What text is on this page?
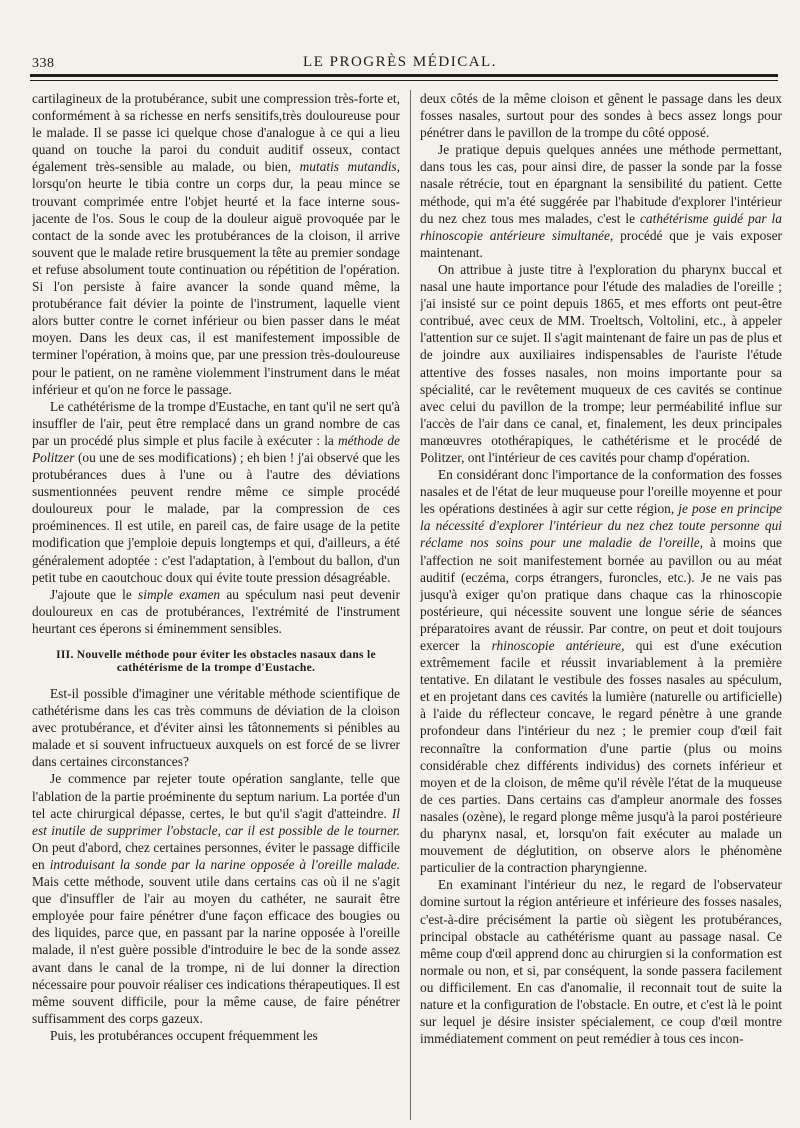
338	LE PROGRÈS MÉDICAL.

cartilagineux de la protubérance, subit une compression très-forte et, conformément à sa richesse en nerfs sensitifs,très douloureuse pour le malade. Il se passe ici quelque chose d'analogue à ce qui a lieu quand on touche la paroi du conduit auditif osseux, contact également très-sensible au malade, ou bien, mutatis mutandis, lorsqu'on heurte le tibia contre un corps dur, la peau mince se trouvant comprimée entre l'objet heurté et la face interne sous-jacente de l'os. Sous le coup de la douleur aiguë provoquée par le contact de la sonde avec les protubérances de la cloison, il arrive souvent que le malade retire brusquement la tête au premier sondage et refuse absolument toute continuation ou répétition de l'opération. Si l'on persiste à faire avancer la sonde quand même, la protubérance fait dévier la pointe de l'instrument, laquelle vient alors butter contre le cornet inférieur ou bien passer dans le méat moyen. Dans les deux cas, il est manifestement impossible de terminer l'opération, à moins que, par une pression très-douloureuse pour le patient, on ne ramène violemment l'instrument dans le méat inférieur et qu'on ne force le passage.

Le cathétérisme de la trompe d'Eustache, en tant qu'il ne sert qu'à insuffler de l'air, peut être remplacé dans un grand nombre de cas par un procédé plus simple et plus facile à exécuter : la méthode de Politzer (ou une de ses modifications) ; eh bien ! j'ai observé que les protubérances dues à l'une ou à l'autre des déviations susmentionnées peuvent rendre même ce simple procédé douloureux pour le malade, par la compression de ces proéminences. Il est utile, en pareil cas, de faire usage de la petite modification que j'emploie depuis longtemps et qui, d'ailleurs, a été généralement adoptée : c'est l'adaptation, à l'embout du ballon, d'un petit tube en caoutchouc doux qui évite toute pression désagréable.

J'ajoute que le simple examen au spéculum nasi peut devenir douloureux en cas de protubérances, l'extrémité de l'instrument heurtant ces éperons si éminemment sensibles.

III. Nouvelle méthode pour éviter les obstacles nasaux dans le cathétérisme de la trompe d'Eustache.

Est-il possible d'imaginer une véritable méthode scientifique de cathétérisme dans les cas très communs de déviation de la cloison avec protubérance, et d'éviter ainsi les tâtonnements si pénibles au malade et si souvent infructueux auxquels on est forcé de se livrer dans certaines circonstances?

Je commence par rejeter toute opération sanglante, telle que l'ablation de la partie proéminente du septum narium. La portée d'un tel acte chirurgical dépasse, certes, le but qu'il s'agit d'atteindre. Il est inutile de supprimer l'obstacle, car il est possible de le tourner. On peut d'abord, chez certaines personnes, éviter le passage difficile en introduisant la sonde par la narine opposée à l'oreille malade. Mais cette méthode, souvent utile dans certains cas où il ne s'agit que d'insuffler de l'air au moyen du cathéter, ne saurait être employée pour faire pénétrer d'une façon efficace des bougies ou des liquides, parce que, en passant par la narine opposée à l'oreille malade, il n'est guère possible d'introduire le bec de la sonde assez avant dans le canal de la trompe, ni de lui donner la direction nécessaire pour pouvoir réaliser ces indications thérapeutiques. Il est même souvent difficile, pour la même cause, de faire pénétrer suffisamment des corps gazeux.

Puis, les protubérances occupent fréquemment les

deux côtés de la même cloison et gênent le passage dans les deux fosses nasales, surtout pour des sondes à becs assez longs pour pénétrer dans le pavillon de la trompe du côté opposé.

Je pratique depuis quelques années une méthode permettant, dans tous les cas, pour ainsi dire, de passer la sonde par la fosse nasale rétrécie, tout en épargnant la sensibilité du patient. Cette méthode, qui m'a été suggérée par l'habitude d'explorer l'intérieur du nez chez tous mes malades, c'est le cathétérisme guidé par la rhinoscopie antérieure simultanée, procédé que je vais exposer maintenant.

On attribue à juste titre à l'exploration du pharynx buccal et nasal une haute importance pour l'étude des maladies de l'oreille ; j'ai insisté sur ce point depuis 1865, et mes efforts ont peut-être contribué, avec ceux de MM. Troeltsch, Voltolini, etc., à appeler l'attention sur ce sujet. Il s'agit maintenant de faire un pas de plus et de joindre aux auxiliaires indispensables de l'auriste l'étude attentive des fosses nasales, non moins importante pour sa spécialité, car le revêtement muqueux de ces cavités se continue avec celui du pavillon de la trompe; leur perméabilité influe sur l'accès de l'air dans ce canal, et, finalement, les deux principales manœuvres otothérapiques, le cathétérisme et le procédé de Politzer, ont l'intérieur de ces cavités pour champ d'opération.

En considérant donc l'importance de la conformation des fosses nasales et de l'état de leur muqueuse pour l'oreille moyenne et pour les opérations destinées à agir sur cette région, je pose en principe la nécessité d'explorer l'intérieur du nez chez toute personne qui réclame nos soins pour une maladie de l'oreille, à moins que l'affection ne soit manifestement bornée au pavillon ou au méat auditif (eczéma, corps étrangers, furoncles, etc.). Je ne vais pas jusqu'à exiger qu'on pratique dans chaque cas la rhinoscopie postérieure, qui nécessite souvent une longue série de séances préparatoires avant de réussir. Par contre, on peut et doit toujours exercer la rhinoscopie antérieure, qui est d'une exécution extrêmement facile et réussit invariablement à la première tentative. En dilatant le vestibule des fosses nasales au spéculum, et en projetant dans ces cavités la lumière (naturelle ou artificielle) à l'aide du réflecteur concave, le regard pénètre à une grande profondeur dans l'intérieur du nez ; le premier coup d'œil fait reconnaître la conformation d'une partie (plus ou moins considérable chez différents individus) des cornets inférieur et moyen et de la cloison, de même qu'il révèle l'état de la muqueuse de ces parties. Dans certains cas d'ampleur anormale des fosses nasales (ozène), le regard plonge même jusqu'à la paroi postérieure du pharynx nasal, et, lorsqu'on fait exécuter au malade un mouvement de déglutition, on observe alors le phénomène particulier de la contraction pharyngienne.

En examinant l'intérieur du nez, le regard de l'observateur domine surtout la région antérieure et inférieure des fosses nasales, c'est-à-dire précisément la partie où siègent les protubérances, principal obstacle au cathétérisme quant au passage nasal. Ce même coup d'œil apprend donc au chirurgien si la conformation est normale ou non, et si, par conséquent, la sonde passera facilement ou difficilement. En cas d'anomalie, il reconnait tout de suite la nature et la configuration de l'obstacle. En outre, et c'est là le point sur lequel je désire insister spécialement, ce coup d'œil montre immédiatement comment on peut remédier à tous ces incon-
